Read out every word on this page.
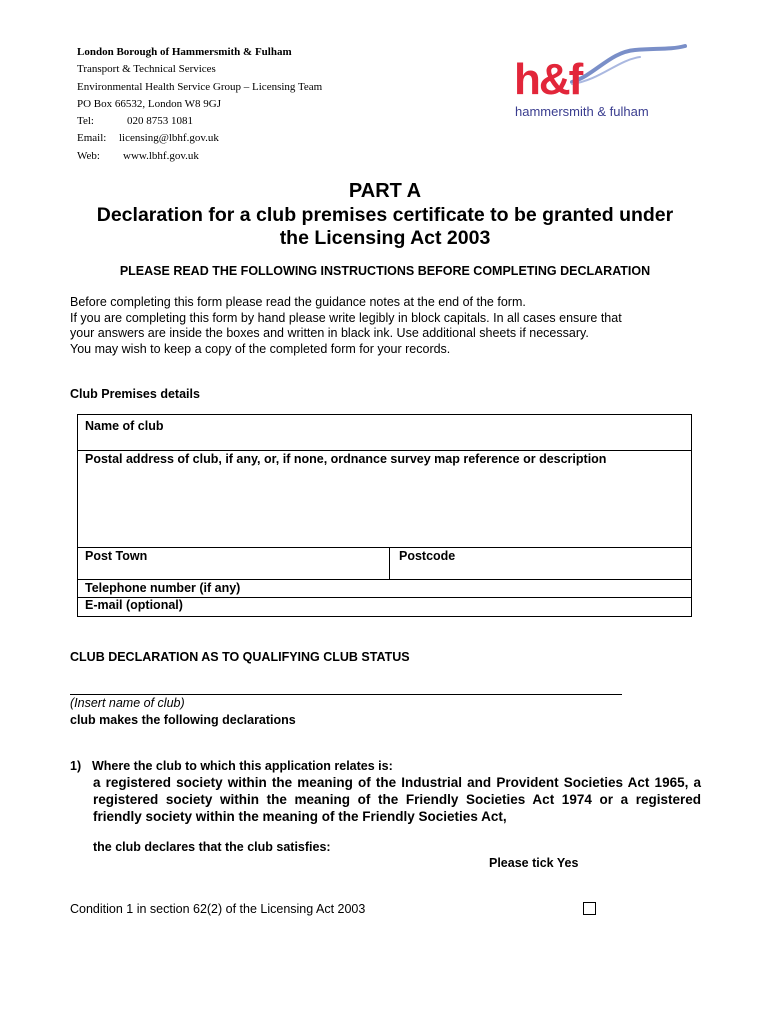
London Borough of Hammersmith & Fulham
Transport & Technical Services
Environmental Health Service Group – Licensing Team
PO Box 66532, London W8 9GJ
Tel:	020 8753 1081
Email:	licensing@lbhf.gov.uk
Web:	www.lbhf.gov.uk
h&f
hammersmith & fulham
PART A
Declaration for a club premises certificate to be granted under
the Licensing Act 2003
PLEASE READ THE FOLLOWING INSTRUCTIONS BEFORE COMPLETING DECLARATION
Before completing this form please read the guidance notes at the end of the form.
If you are completing this form by hand please write legibly in block capitals. In all cases ensure that
your answers are inside the boxes and written in black ink. Use additional sheets if necessary.
You may wish to keep a copy of the completed form for your records.
Club Premises details
Name of club
Postal address of club, if any, or, if none, ordnance survey map reference or description
Post Town	Postcode
Telephone number (if any)
E-mail (optional)
CLUB DECLARATION AS TO QUALIFYING CLUB STATUS
(Insert name of club)
club makes the following declarations
1) Where the club to which this application relates is:
a registered society within the meaning of the Industrial and Provident Societies Act 1965, a registered society within the meaning of the Friendly Societies Act 1974 or a registered friendly society within the meaning of the Friendly Societies Act,
the club declares that the club satisfies:
Please tick Yes
Condition 1 in section 62(2) of the Licensing Act 2003
